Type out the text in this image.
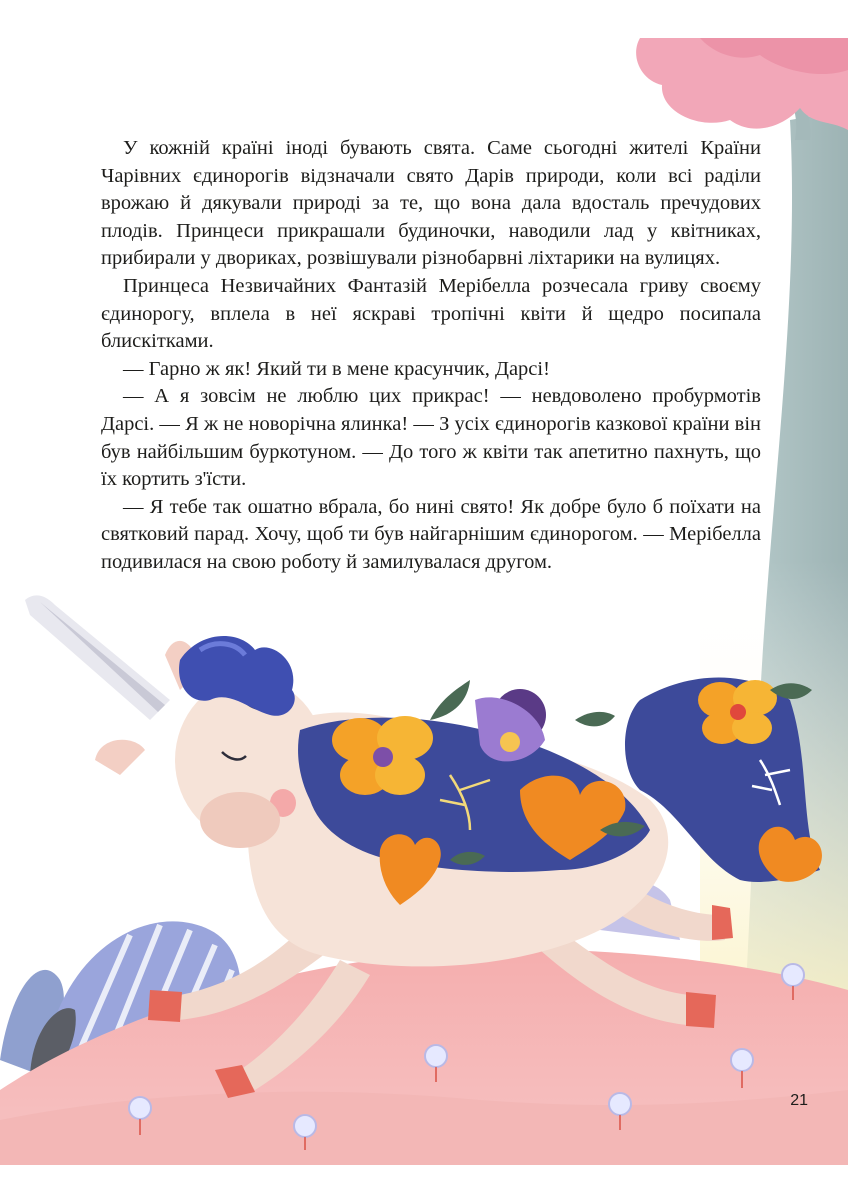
У кожній країні іноді бувають свята. Саме сьогодні жителі Країни Чарівних єдинорогів відзначали свято Дарів природи, коли всі раділи врожаю й дякували природі за те, що вона дала вдосталь пречудових плодів. Принцеси прикрашали будиночки, наводили лад у квітниках, прибирали у дворикax, розвішували різнобарвні ліхтарики на вулицях.

Принцеса Незвичайних Фантазій Мерібелла розчесала гриву своєму єдинорогу, вплела в неї яскраві тропічні квіти й щедро посипала блискітками.

— Гарно ж як! Який ти в мене красунчик, Дарсі!

— А я зовсім не люблю цих прикрас! — невдоволено пробурмотів Дарсі. — Я ж не новорічна ялинка! — З усіх єдинорогів казкової країни він був найбільшим буркотуном. — До того ж квіти так апетитно пахнуть, що їх кортить з'їсти.

— Я тебе так ошатно вбрала, бо нині свято! Як добре було б поїхати на святковий парад. Хочу, щоб ти був найгарнішим єдинорогом. — Мерібелла подивилася на свою роботу й замилувалася другом.

21
